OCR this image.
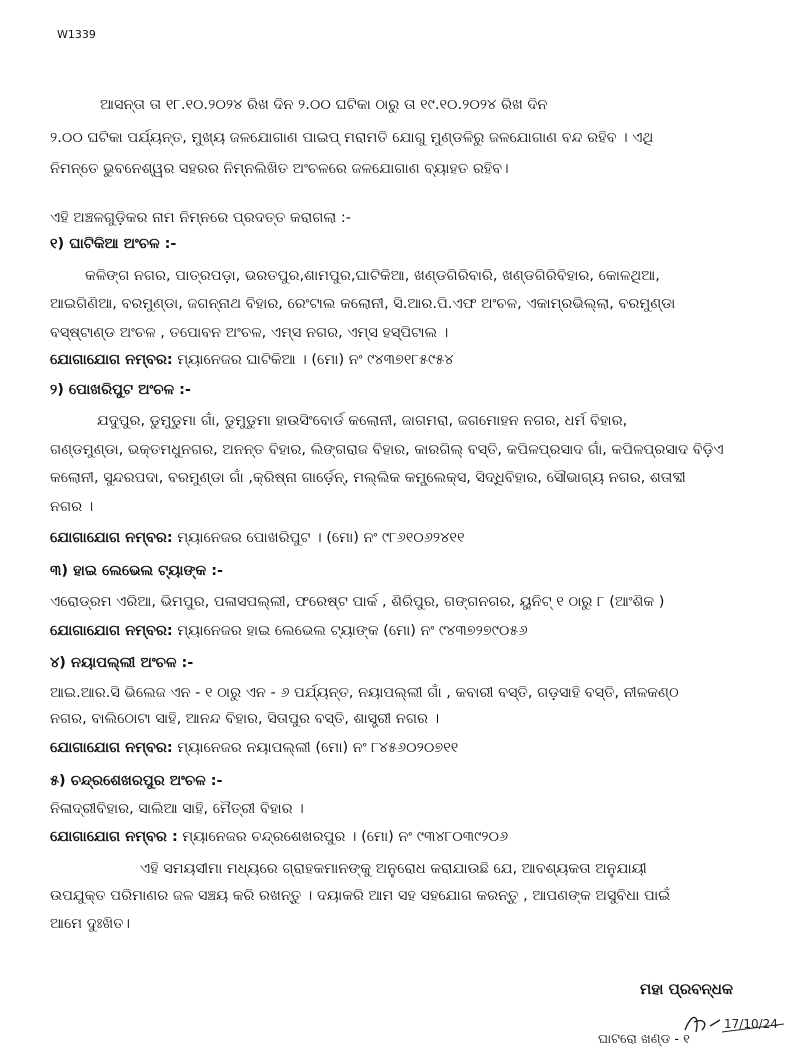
W1339
ଆସନ୍ତା ତା ୧୮.୧୦.୨୦୨୪ ରିଖ ଦିନ ୨.୦୦ ଘଟିକା ଠାରୁ ତା ୧୯.୧୦.୨୦୨୪ ରିଖ ଦିନ
୨.୦୦ ଘଟିକା ପର୍ଯ୍ୟନ୍ତ, ମୁଖ୍ୟ ଜଳଯୋଗାଣ ପାଇପ୍ ମରାମତି ଯୋଗୁ ମୁଣ୍ଡଳିରୁ ଜଳଯୋଗାଣ ବନ୍ଦ ରହିବ । ଏଥି
ନିମନ୍ତେ ଭୁବନେଶ୍ୱର ସହରର ନିମ୍ନଲିଖିତ ଅଂଚଳରେ ଜଳଯୋଗାଣ ବ୍ୟାହତ ରହିବ।
ଏହି ଅଞ୍ଚଳଗୁଡ଼ିକର ନାମ ନିମ୍ନରେ ପ୍ରଦତ୍ତ କରାଗଲା :-
୧) ଘାଟିକିଆ ଅଂଚଳ :-
କଳିଙ୍ଗ ନଗର, ପାତ୍ରପଡ଼ା, ଭରତପୁର,ଶାମପୁର,ଘାଟିକିଆ, ଖଣ୍ଡଗିରିବାରି, ଖଣ୍ଡଗିରିବିହାର, କୋଳଥିଆ,
ଆଇଗିଣିଆ, ବରମୁଣ୍ଡା, ଜଗନ୍ନାଥ ବିହାର, ରେଂଟାଲ କଲୋନୀ, ସି.ଆର.ପି.ଏଫ ଅଂଚଳ, ଏକାମ୍ରଭିଲ୍ଲା, ବରମୁଣ୍ଡା
ବସ୍‌ଷ୍ଟାଣ୍ଡ ଅଂଚଳ , ତପୋବନ ଅଂଚଳ, ଏମ୍ସ ନଗର, ଏମ୍ସ ହସ୍ପିଟାଲ ।
ଯୋଗାଯୋଗ ନମ୍ବର: ମ୍ୟାନେଜର ଘାଟିକିଆ । (ମୋ) ନଂ ୯୪୩୭୧୮୫୯୫୪
୨) ପୋଖରିପୁଟ ଅଂଚଳ :-
ଯଦୁପୁର, ଡୁମୁଡୁମା ଗାଁ, ଡୁମୁଡୁମା ହାଉସିଂବୋର୍ଡ କଲୋନୀ, ଜାଗମରା, ଜଗମୋହନ ନଗର, ଧର୍ମ ବିହାର,
ଗଣ୍ଡମୁଣ୍ଡା, ଭକ୍ତମଧୁନଗର, ଅନନ୍ତ ବିହାର, ଲିଙ୍ଗରାଜ ବିହାର, କାରଗିଲ୍ ବସ୍ତି, କପିଳପ୍ରସାଦ ଗାଁ, କପିଳପ୍ରସାଦ ବିଡ଼ିଏ
କଲୋନୀ, ସୁନ୍ଦରପଦା, ବରମୁଣ୍ଡା ଗାଁ ,କ୍ରିଷ୍ନା ଗାର୍ଡ଼େନ୍, ମଲ୍ଲିକ କମ୍ପ୍ଲେକ୍ସ, ସିଦ୍ଧିବିହାର, ସୌଭାଗ୍ୟ ନଗର, ଶତାବ୍ଦୀ
ନଗର ।
ଯୋଗାଯୋଗ ନମ୍ବର: ମ୍ୟାନେଜର ପୋଖରିପୁଟ । (ମୋ) ନଂ ୯୮୬୧୦୬୨୪୧୧
୩) ହାଇ ଲେଭେଲ ଟ୍ୟାଙ୍କ :-
ଏରୋଡ୍ରମ ଏରିଆ, ଭିମପୁର, ପଳାସପଲ୍ଲୀ, ଫରେଷ୍ଟ ପାର୍କ , ଶିରିପୁର, ଗଙ୍ଗନଗର, ୟୁନିଟ୍ ୧ ଠାରୁ ୮ (ଆଂଶିକ )
ଯୋଗାଯୋଗ ନମ୍ବର: ମ୍ୟାନେଜର ହାଇ ଲେଭେଲ ଟ୍ୟାଙ୍କ (ମୋ) ନଂ ୯୪୩୭୨୭୯୦୫୬
୪) ନୟାପଲ୍ଲୀ ଅଂଚଳ :-
ଆଇ.ଆର.ସି ଭିଲେଜ ଏନ - ୧ ଠାରୁ ଏନ - ୬ ପର୍ଯ୍ୟନ୍ତ, ନୟାପଲ୍ଲୀ ଗାଁ , କବାରୀ ବସ୍ତି, ଗଡ଼ସାହି ବସ୍ତି, ନୀଳକଣ୍ଠ
ନଗର, ବାଲିଠୋଟା ସାହି, ଆନନ୍ଦ ବିହାର, ସିତାପୁର ବସ୍ତି, ଶାସ୍ତ୍ରୀ ନଗର ।
ଯୋଗାଯୋଗ ନମ୍ବର: ମ୍ୟାନେଜର ନୟାପଲ୍ଲୀ (ମୋ) ନଂ ୮୪୫୬୦୨୦୭୧୧
୫) ଚନ୍ଦ୍ରଶେଖରପୁର ଅଂଚଳ :-
ନିଳାଦ୍ରୀବିହାର, ସାଲିଆ ସାହି, ମୈତ୍ରୀ ବିହାର ।
ଯୋଗାଯୋଗ ନମ୍ବର : ମ୍ୟାନେଜର ଚନ୍ଦ୍ରଶେଖରପୁର । (ମୋ) ନଂ ୯୩୪୮୦୩୯୨୦୬
ଏହି ସମୟସୀମା ମଧ୍ୟରେ ଗ୍ରାହକମାନଙ୍କୁ ଅନୁରୋଧ କରାଯାଉଛି ଯେ, ଆବଶ୍ୟକତା ଅନୁଯାୟୀ
ଉପଯୁକ୍ତ ପରିମାଣର ଜଳ ସଞ୍ଚୟ କରି ରଖନ୍ତୁ । ଦୟାକରି ଆମ ସହ ସହଯୋଗ କରନ୍ତୁ , ଆପଣଙ୍କ ଅସୁବିଧା ପାଇଁ
ଆମେ ଦୁଃଖିତ।
ମହା ପ୍ରବନ୍ଧକ
17/10/24
ଘାଟରୋ ଖଣ୍ଡ - ୧
